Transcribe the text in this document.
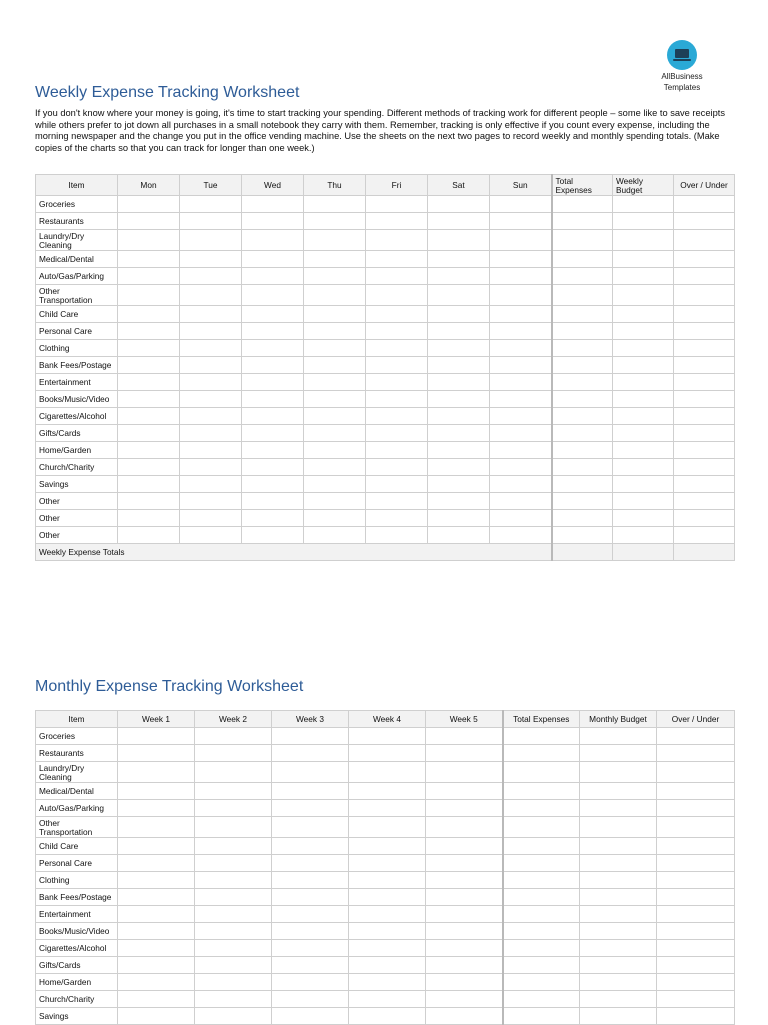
AllBusiness
Templates
Weekly Expense Tracking Worksheet

If you don't know where your money is going, it's time to start tracking your spending. Different methods of tracking work for different people – some like to save receipts while others prefer to jot down all purchases in a small notebook they carry with them. Remember, tracking is only effective if you count every expense, including the morning newspaper and the change you put in the office vending machine. Use the sheets on the next two pages to record weekly and monthly spending totals. (Make copies of the charts so that you can track for longer than one week.)

Item	Mon	Tue	Wed	Thu	Fri	Sat	Sun	Total Expenses	Weekly Budget	Over / Under
Groceries										
Restaurants										
Laundry/Dry Cleaning										
Medical/Dental										
Auto/Gas/Parking										
Other Transportation										
Child Care										
Personal Care										
Clothing										
Bank Fees/Postage										
Entertainment										
Books/Music/Video										
Cigarettes/Alcohol										
Gifts/Cards										
Home/Garden										
Church/Charity										
Savings										
Other										
Other										
Other										
Weekly Expense Totals										
Monthly Expense Tracking Worksheet
Item	Week 1	Week 2	Week 3	Week 4	Week 5	Total Expenses	Monthly Budget	Over / Under
Groceries								
Restaurants								
Laundry/Dry Cleaning								
Medical/Dental								
Auto/Gas/Parking								
Other Transportation								
Child Care								
Personal Care								
Clothing								
Bank Fees/Postage								
Entertainment								
Books/Music/Video								
Cigarettes/Alcohol								
Gifts/Cards								
Home/Garden								
Church/Charity								
Savings								
